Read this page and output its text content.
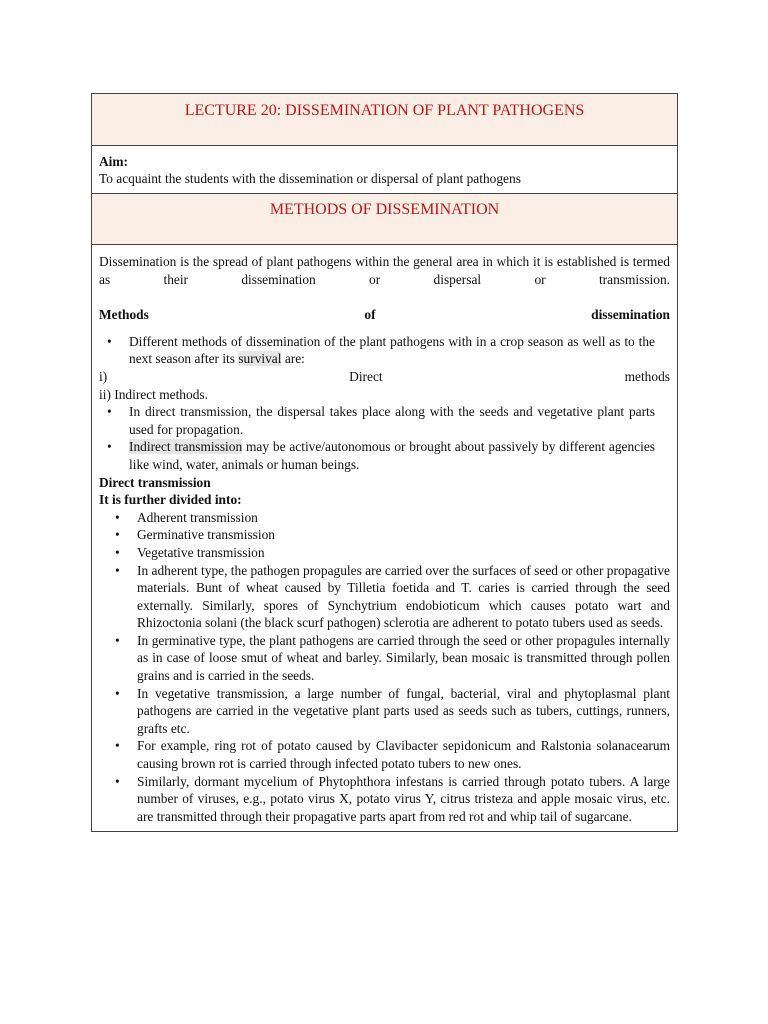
LECTURE 20: DISSEMINATION OF PLANT PATHOGENS
Aim:
To acquaint the students with the dissemination or dispersal of plant pathogens
METHODS OF DISSEMINATION

Dissemination is the spread of plant pathogens within the general area in which it is established is termed as their dissemination or dispersal or transmission.

Methods	of	dissemination
• Different methods of dissemination of the plant pathogens with in a crop season as well as to the next season after its survival are:
i)	Direct	methods

ii) Indirect methods.

• In direct transmission, the dispersal takes place along with the seeds and vegetative plant parts used for propagation.
• Indirect transmission may be active/autonomous or brought about passively by different agencies like wind, water, animals or human beings.

Direct transmission

It is further divided into:

• Adherent transmission
• Germinative transmission
• Vegetative transmission
• In adherent type, the pathogen propagules are carried over the surfaces of seed or other propagative materials. Bunt of wheat caused by Tilletia foetida and T. caries is carried through the seed externally. Similarly, spores of Synchytrium endobioticum which causes potato wart and Rhizoctonia solani (the black scurf pathogen) sclerotia are adherent to potato tubers used as seeds.
• In germinative type, the plant pathogens are carried through the seed or other propagules internally as in case of loose smut of wheat and barley. Similarly, bean mosaic is transmitted through pollen grains and is carried in the seeds.
• In vegetative transmission, a large number of fungal, bacterial, viral and phytoplasmal plant pathogens are carried in the vegetative plant parts used as seeds such as tubers, cuttings, runners, grafts etc.
• For example, ring rot of potato caused by Clavibacter sepidonicum and Ralstonia solanacearum causing brown rot is carried through infected potato tubers to new ones.
• Similarly, dormant mycelium of Phytophthora infestans is carried through potato tubers. A large number of viruses, e.g., potato virus X, potato virus Y, citrus tristeza and apple mosaic virus, etc. are transmitted through their propagative parts apart from red rot and whip tail of sugarcane.
